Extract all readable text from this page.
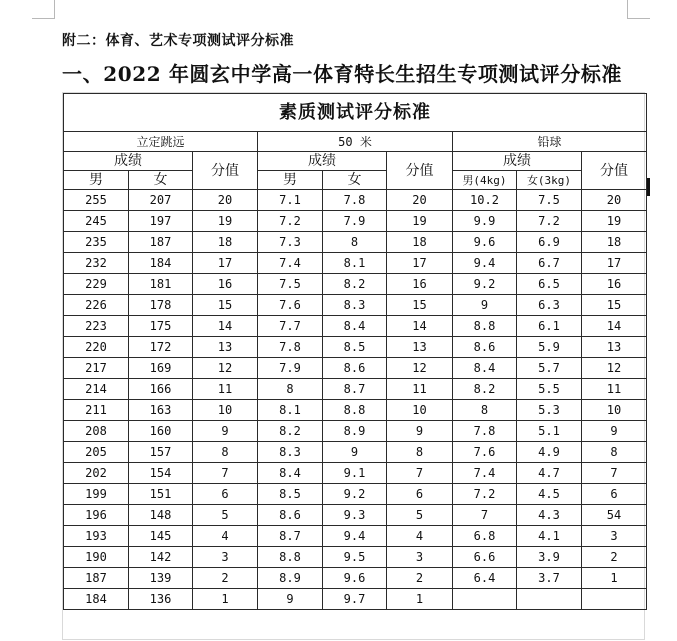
附二：体育、艺术专项测试评分标准
一、2022 年圆玄中学高一体育特长生招生专项测试评分标准
素质测试评分标准								
立定跳远			50 米			铅球		
成绩		分值	成绩		分值	成绩		分值
男	女		男	女		男(4kg)	女(3kg)	
255	207	20	7.1	7.8	20	10.2	7.5	20
245	197	19	7.2	7.9	19	9.9	7.2	19
235	187	18	7.3	8	18	9.6	6.9	18
232	184	17	7.4	8.1	17	9.4	6.7	17
229	181	16	7.5	8.2	16	9.2	6.5	16
226	178	15	7.6	8.3	15	9	6.3	15
223	175	14	7.7	8.4	14	8.8	6.1	14
220	172	13	7.8	8.5	13	8.6	5.9	13
217	169	12	7.9	8.6	12	8.4	5.7	12
214	166	11	8	8.7	11	8.2	5.5	11
211	163	10	8.1	8.8	10	8	5.3	10
208	160	9	8.2	8.9	9	7.8	5.1	9
205	157	8	8.3	9	8	7.6	4.9	8
202	154	7	8.4	9.1	7	7.4	4.7	7
199	151	6	8.5	9.2	6	7.2	4.5	6
196	148	5	8.6	9.3	5	7	4.3	54
193	145	4	8.7	9.4	4	6.8	4.1	3
190	142	3	8.8	9.5	3	6.6	3.9	2
187	139	2	8.9	9.6	2	6.4	3.7	1
184	136	1	9	9.7	1			
